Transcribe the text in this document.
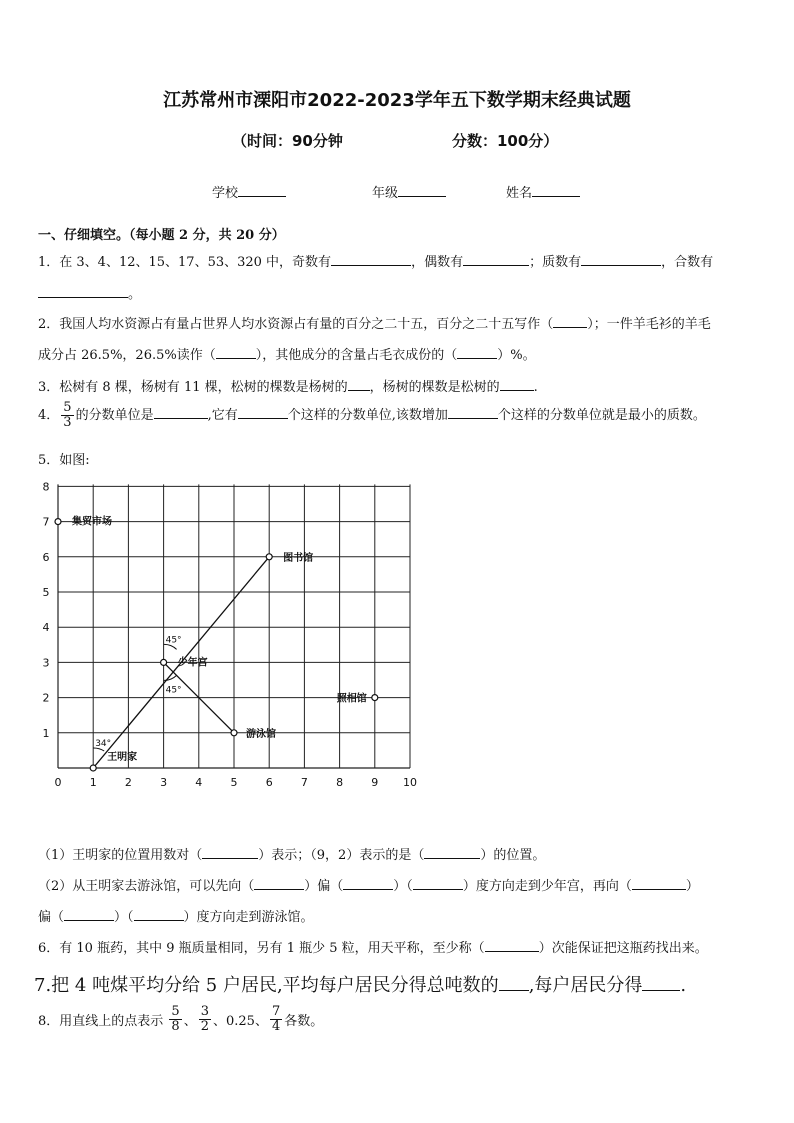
江苏常州市溧阳市2022-2023学年五下数学期末经典试题
（时间：90分钟	分数：100分）
学校	年级	姓名
一、仔细填空。（每小题 2 分，共 20 分）
1．在 3、4、12、15、17、53、320 中，奇数有	，偶数有	；质数有	，合数有
。
2．我国人均水资源占有量占世界人均水资源占有量的百分之二十五，百分之二十五写作（	）；一件羊毛衫的羊毛
成分占 26.5%，26.5%读作（	），其他成分的含量占毛衣成份的（	）%。
3．松树有 8 棵，杨树有 11 棵，松树的棵数是杨树的 ，杨树的棵数是松树的	.
4． $\frac{5}{3}$ 的分数单位是	,它有	个这样的分数单位,该数增加	个这样的分数单位就是最小的质数。
5．如图:
0	1	2	3	4	5	6	7	8	9 10
1
2
3
4
5
6
7
8
45°
45°
34°
集贸市场
图书馆
少年宫
照相馆
游泳馆
王明家
（1）王明家的位置用数对（	）表示；（9，2）表示的是（	）的位置。
（2）从王明家去游泳馆，可以先向（	）偏（	）（	）度方向走到少年宫，再向（	）
偏（	）（	）度方向走到游泳馆。
6．有 10 瓶药，其中 9 瓶质量相同，另有 1 瓶少 5 粒，用天平称，至少称（	）次能保证把这瓶药找出来。
7.把 4 吨煤平均分给 5 户居民,平均每户居民分得总吨数的 ,每户居民分得 .
8．用直线上的点表示 $\frac{5}{8}$ 、 $\frac{3}{2}$ 、0.25、 $\frac{7}{4}$ 各数。
